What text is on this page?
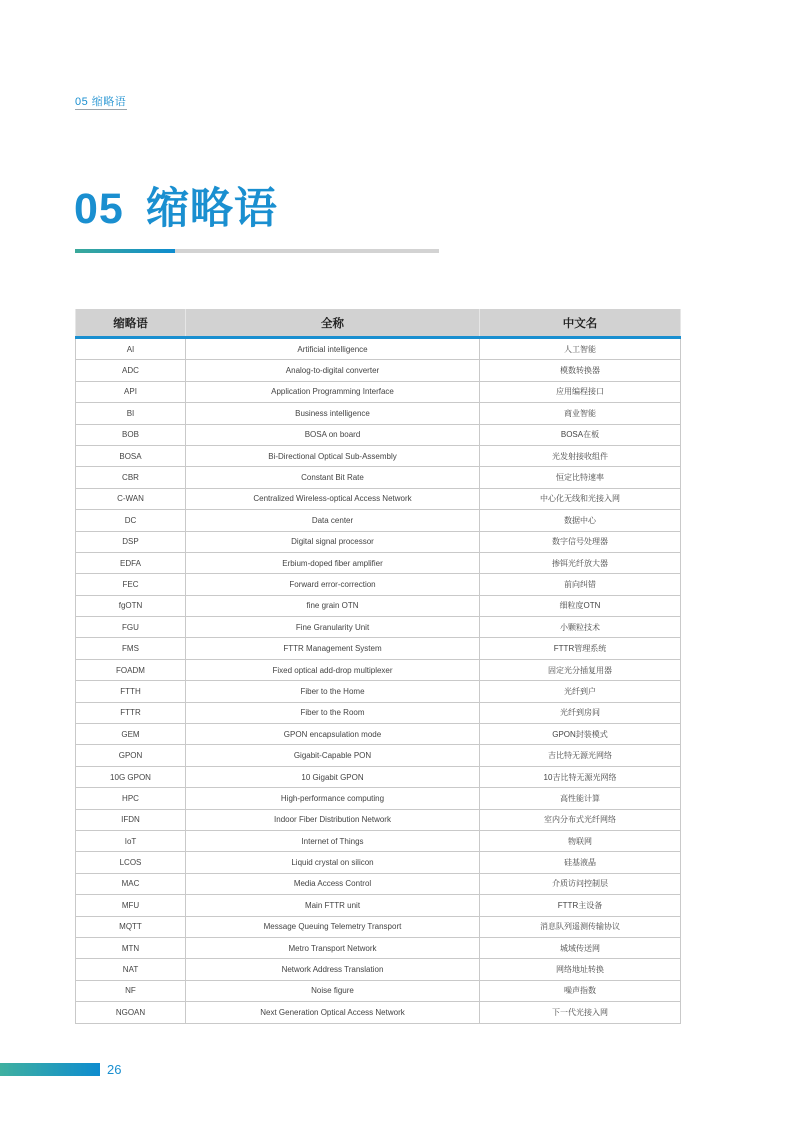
05 缩略语
05 缩略语
缩略语	全称	中文名
AI	Artificial intelligence	人工智能
ADC	Analog-to-digital converter	模数转换器
API	Application Programming Interface	应用编程接口
BI	Business intelligence	商业智能
BOB	BOSA on board	BOSA在板
BOSA	Bi-Directional Optical Sub-Assembly	光发射接收组件
CBR	Constant Bit Rate	恒定比特速率
C-WAN	Centralized Wireless-optical Access Network	中心化无线和光接入网
DC	Data center	数据中心
DSP	Digital signal processor	数字信号处理器
EDFA	Erbium-doped fiber amplifier	掺铒光纤放大器
FEC	Forward error-correction	前向纠错
fgOTN	fine grain OTN	细粒度OTN
FGU	Fine Granularity Unit	小颗粒技术
FMS	FTTR Management System	FTTR管理系统
FOADM	Fixed optical add-drop multiplexer	固定光分插复用器
FTTH	Fiber to the Home	光纤到户
FTTR	Fiber to the Room	光纤到房间
GEM	GPON encapsulation mode	GPON封装模式
GPON	Gigabit-Capable PON	吉比特无源光网络
10G GPON	10 Gigabit GPON	10吉比特无源光网络
HPC	High-performance computing	高性能计算
IFDN	Indoor Fiber Distribution Network	室内分布式光纤网络
IoT	Internet of Things	物联网
LCOS	Liquid crystal on silicon	硅基液晶
MAC	Media Access Control	介质访问控制层
MFU	Main FTTR unit	FTTR主设备
MQTT	Message Queuing Telemetry Transport	消息队列遥测传输协议
MTN	Metro Transport Network	城域传送网
NAT	Network Address Translation	网络地址转换
NF	Noise figure	噪声指数
NGOAN	Next Generation Optical Access Network	下一代光接入网
26
